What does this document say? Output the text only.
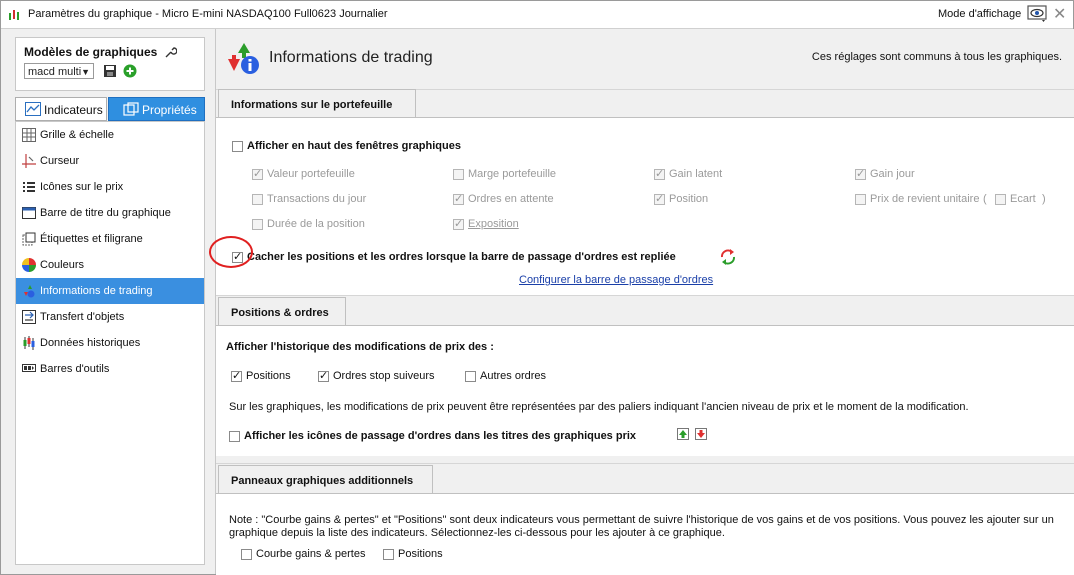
Paramètres du graphique - Micro E-mini NASDAQ100 Full0623 Journalier	Mode d'affichage ✕
Modèles de graphiques
macd multi ▼
Indicateurs	Propriétés
Grille & échelle
Curseur
Icônes sur le prix
Barre de titre du graphique
Étiquettes et filigrane
Couleurs
Informations de trading
Transfert d'objets
Données historiques
Barres d'outils
Informations de trading	Ces réglages sont communs à tous les graphiques.
Informations sur le portefeuille
Afficher en haut des fenêtres graphiques
✓
Valeur portefeuille	Marge portefeuille ✓	Gain latent ✓	Gain jour
Transactions du jour ✓	Ordres en attente ✓	Position	Prix de revient unitaire ( Ecart )
Durée de la position ✓	Exposition
✓
Cacher les positions et les ordres lorsque la barre de passage d'ordres est repliée
Configurer la barre de passage d'ordres
Positions & ordres
Afficher l'historique des modifications de prix des :
✓
Positions ✓	Ordres stop suiveurs	Autres ordres
Sur les graphiques, les modifications de prix peuvent être représentées par des paliers indiquant l'ancien niveau de prix et le moment de la modification.
Afficher les icônes de passage d'ordres dans les titres des graphiques prix
Panneaux graphiques additionnels
Note : "Courbe gains & pertes" et "Positions" sont deux indicateurs vous permettant de suivre l'historique de vos gains et de vos positions. Vous pouvez les ajouter sur un
graphique depuis la liste des indicateurs. Sélectionnez-les ci-dessous pour les ajouter à ce graphique.
Courbe gains & pertes	Positions
